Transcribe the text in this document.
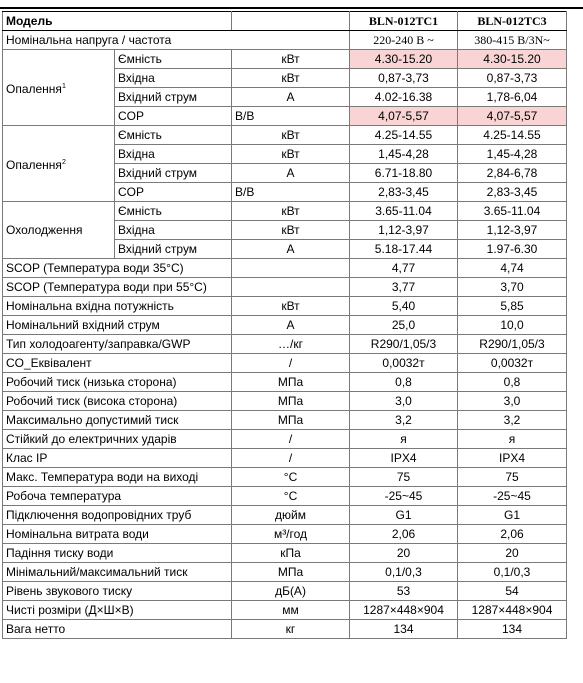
Модель			BLN-012TC1	BLN-012TC3
Номінальна напруга / частота			220-240 В ~	380-415 В/3N~
Опалення$^1$	Ємність	кВт	4.30-15.20	4.30-15.20
	Вхідна	кВт	0,87-3,73	0,87-3,73
	Вхідний струм	А	4.02-16.38	1,78-6,04
	COP	В/В	4,07-5,57	4,07-5,57
Опалення$^2$	Ємність	кВт	4.25-14.55	4.25-14.55
	Вхідна	кВт	1,45-4,28	1,45-4,28
	Вхідний струм	А	6.71-18.80	2,84-6,78
	COP	В/В	2,83-3,45	2,83-3,45
Охолодження	Ємність	кВт	3.65-11.04	3.65-11.04
	Вхідна	кВт	1,12-3,97	1,12-3,97
	Вхідний струм	А	5.18-17.44	1.97-6.30
SCOP (Температура води 35°C)			4,77	4,74
SCOP (Температура води при 55°C)			3,77	3,70
Номінальна вхідна потужність		кВт	5,40	5,85
Номінальний вхідний струм		А	25,0	10,0
Тип холодоагенту/заправка/GWP		…/кг	R290/1,05/3	R290/1,05/3
CO_Еквівалент		/	0,0032т	0,0032т
Робочий тиск (низька сторона)		МПа	0,8	0,8
Робочий тиск (висока сторона)		МПа	3,0	3,0
Максимально допустимий тиск		МПа	3,2	3,2
Стійкий до електричних ударів		/	я	я
Клас IP		/	IPX4	IPX4
Макс. Температура води на виході		°C	75	75
Робоча температура		°C	-25~45	-25~45
Підключення водопровідних труб		дюйм	G1	G1
Номінальна витрата води		м³/год	2,06	2,06
Падіння тиску води		кПа	20	20
Мінімальний/максимальний тиск		МПа	0,1/0,3	0,1/0,3
Рівень звукового тиску		дБ(А)	53	54
Чисті розміри (Д×Ш×В)		мм	1287×448×904	1287×448×904
Вага нетто		кг	134	134
